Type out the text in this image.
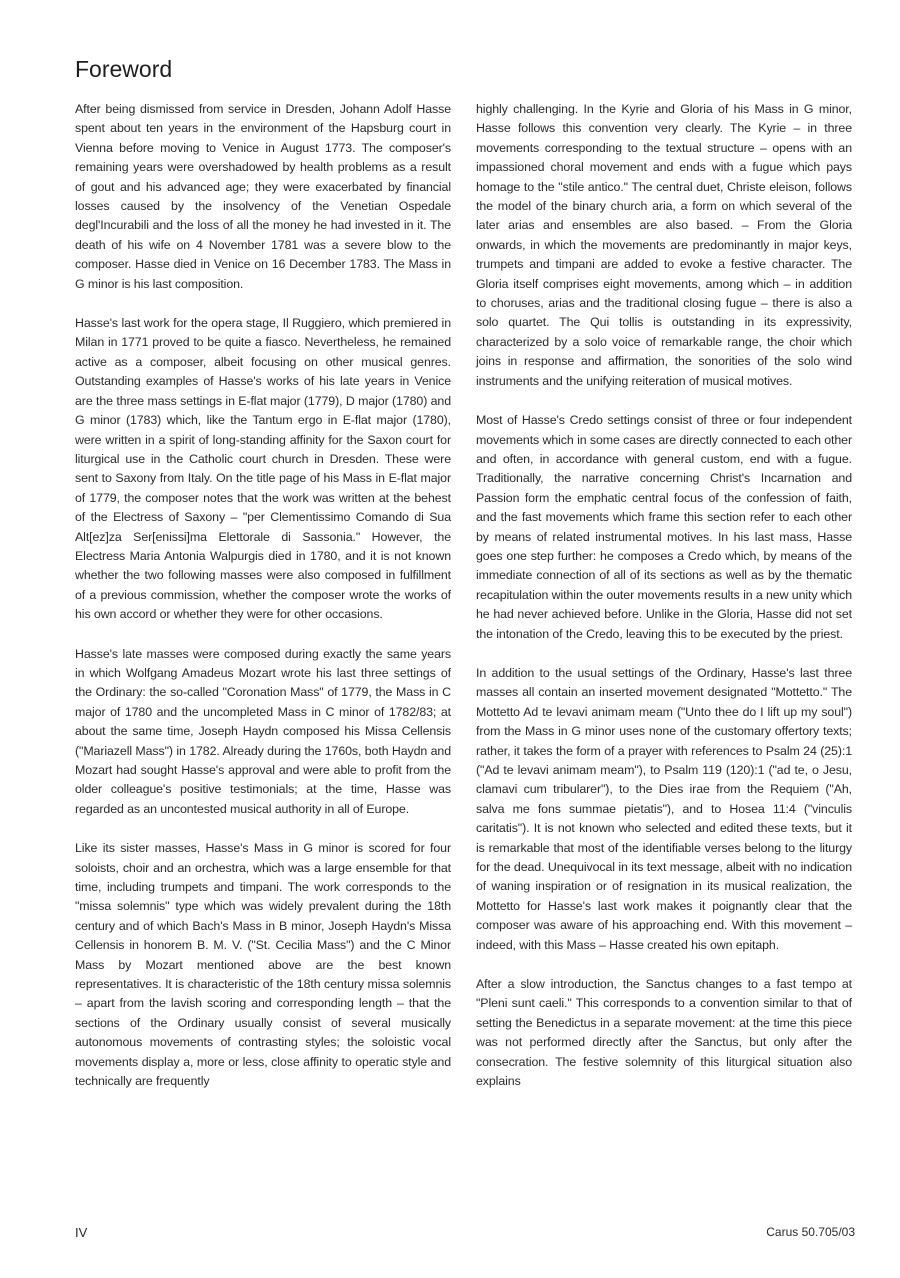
Foreword

After being dismissed from service in Dresden, Johann Adolf Hasse spent about ten years in the environment of the Hapsburg court in Vienna before moving to Venice in August 1773. The composer's remaining years were overshadowed by health problems as a result of gout and his advanced age; they were exacerbated by financial losses caused by the insolvency of the Venetian Ospedale degl'Incurabili and the loss of all the money he had invested in it. The death of his wife on 4 November 1781 was a severe blow to the composer. Hasse died in Venice on 16 December 1783. The Mass in G minor is his last composition.

Hasse's last work for the opera stage, Il Ruggiero, which premiered in Milan in 1771 proved to be quite a fiasco. Nevertheless, he remained active as a composer, albeit focusing on other musical genres. Outstanding examples of Hasse's works of his late years in Venice are the three mass settings in E-flat major (1779), D major (1780) and G minor (1783) which, like the Tantum ergo in E-flat major (1780), were written in a spirit of long-standing affinity for the Saxon court for liturgical use in the Catholic court church in Dresden. These were sent to Saxony from Italy. On the title page of his Mass in E-flat major of 1779, the composer notes that the work was written at the behest of the Electress of Saxony – "per Clementissimo Comando di Sua Alt[ez]za Ser[enissi]ma Elettorale di Sassonia." However, the Electress Maria Antonia Walpurgis died in 1780, and it is not known whether the two following masses were also composed in fulfillment of a previous commission, whether the composer wrote the works of his own accord or whether they were for other occasions.

Hasse's late masses were composed during exactly the same years in which Wolfgang Amadeus Mozart wrote his last three settings of the Ordinary: the so-called "Coronation Mass" of 1779, the Mass in C major of 1780 and the uncompleted Mass in C minor of 1782/83; at about the same time, Joseph Haydn composed his Missa Cellensis ("Mariazell Mass") in 1782. Already during the 1760s, both Haydn and Mozart had sought Hasse's approval and were able to profit from the older colleague's positive testimonials; at the time, Hasse was regarded as an uncontested musical authority in all of Europe.

Like its sister masses, Hasse's Mass in G minor is scored for four soloists, choir and an orchestra, which was a large ensemble for that time, including trumpets and timpani. The work corresponds to the "missa solemnis" type which was widely prevalent during the 18th century and of which Bach's Mass in B minor, Joseph Haydn's Missa Cellensis in honorem B. M. V. ("St. Cecilia Mass") and the C Minor Mass by Mozart mentioned above are the best known representatives. It is characteristic of the 18th century missa solemnis – apart from the lavish scoring and corresponding length – that the sections of the Ordinary usually consist of several musically autonomous movements of contrasting styles; the soloistic vocal movements display a, more or less, close affinity to operatic style and technically are frequently

highly challenging. In the Kyrie and Gloria of his Mass in G minor, Hasse follows this convention very clearly. The Kyrie – in three movements corresponding to the textual structure – opens with an impassioned choral movement and ends with a fugue which pays homage to the "stile antico." The central duet, Christe eleison, follows the model of the binary church aria, a form on which several of the later arias and ensembles are also based. – From the Gloria onwards, in which the movements are predominantly in major keys, trumpets and timpani are added to evoke a festive character. The Gloria itself comprises eight movements, among which – in addition to choruses, arias and the traditional closing fugue – there is also a solo quartet. The Qui tollis is outstanding in its expressivity, characterized by a solo voice of remarkable range, the choir which joins in response and affirmation, the sonorities of the solo wind instruments and the unifying reiteration of musical motives.

Most of Hasse's Credo settings consist of three or four independent movements which in some cases are directly connected to each other and often, in accordance with general custom, end with a fugue. Traditionally, the narrative concerning Christ's Incarnation and Passion form the emphatic central focus of the confession of faith, and the fast movements which frame this section refer to each other by means of related instrumental motives. In his last mass, Hasse goes one step further: he composes a Credo which, by means of the immediate connection of all of its sections as well as by the thematic recapitulation within the outer movements results in a new unity which he had never achieved before. Unlike in the Gloria, Hasse did not set the intonation of the Credo, leaving this to be executed by the priest.

In addition to the usual settings of the Ordinary, Hasse's last three masses all contain an inserted movement designated "Mottetto." The Mottetto Ad te levavi animam meam ("Unto thee do I lift up my soul") from the Mass in G minor uses none of the customary offertory texts; rather, it takes the form of a prayer with references to Psalm 24 (25):1 ("Ad te levavi animam meam"), to Psalm 119 (120):1 ("ad te, o Jesu, clamavi cum tribularer"), to the Dies irae from the Requiem ("Ah, salva me fons summae pietatis"), and to Hosea 11:4 ("vinculis caritatis"). It is not known who selected and edited these texts, but it is remarkable that most of the identifiable verses belong to the liturgy for the dead. Unequivocal in its text message, albeit with no indication of waning inspiration or of resignation in its musical realization, the Mottetto for Hasse's last work makes it poignantly clear that the composer was aware of his approaching end. With this movement – indeed, with this Mass – Hasse created his own epitaph.

After a slow introduction, the Sanctus changes to a fast tempo at "Pleni sunt caeli." This corresponds to a convention similar to that of setting the Benedictus in a separate movement: at the time this piece was not performed directly after the Sanctus, but only after the consecration. The festive solemnity of this liturgical situation also explains

IV	Carus 50.705/03
